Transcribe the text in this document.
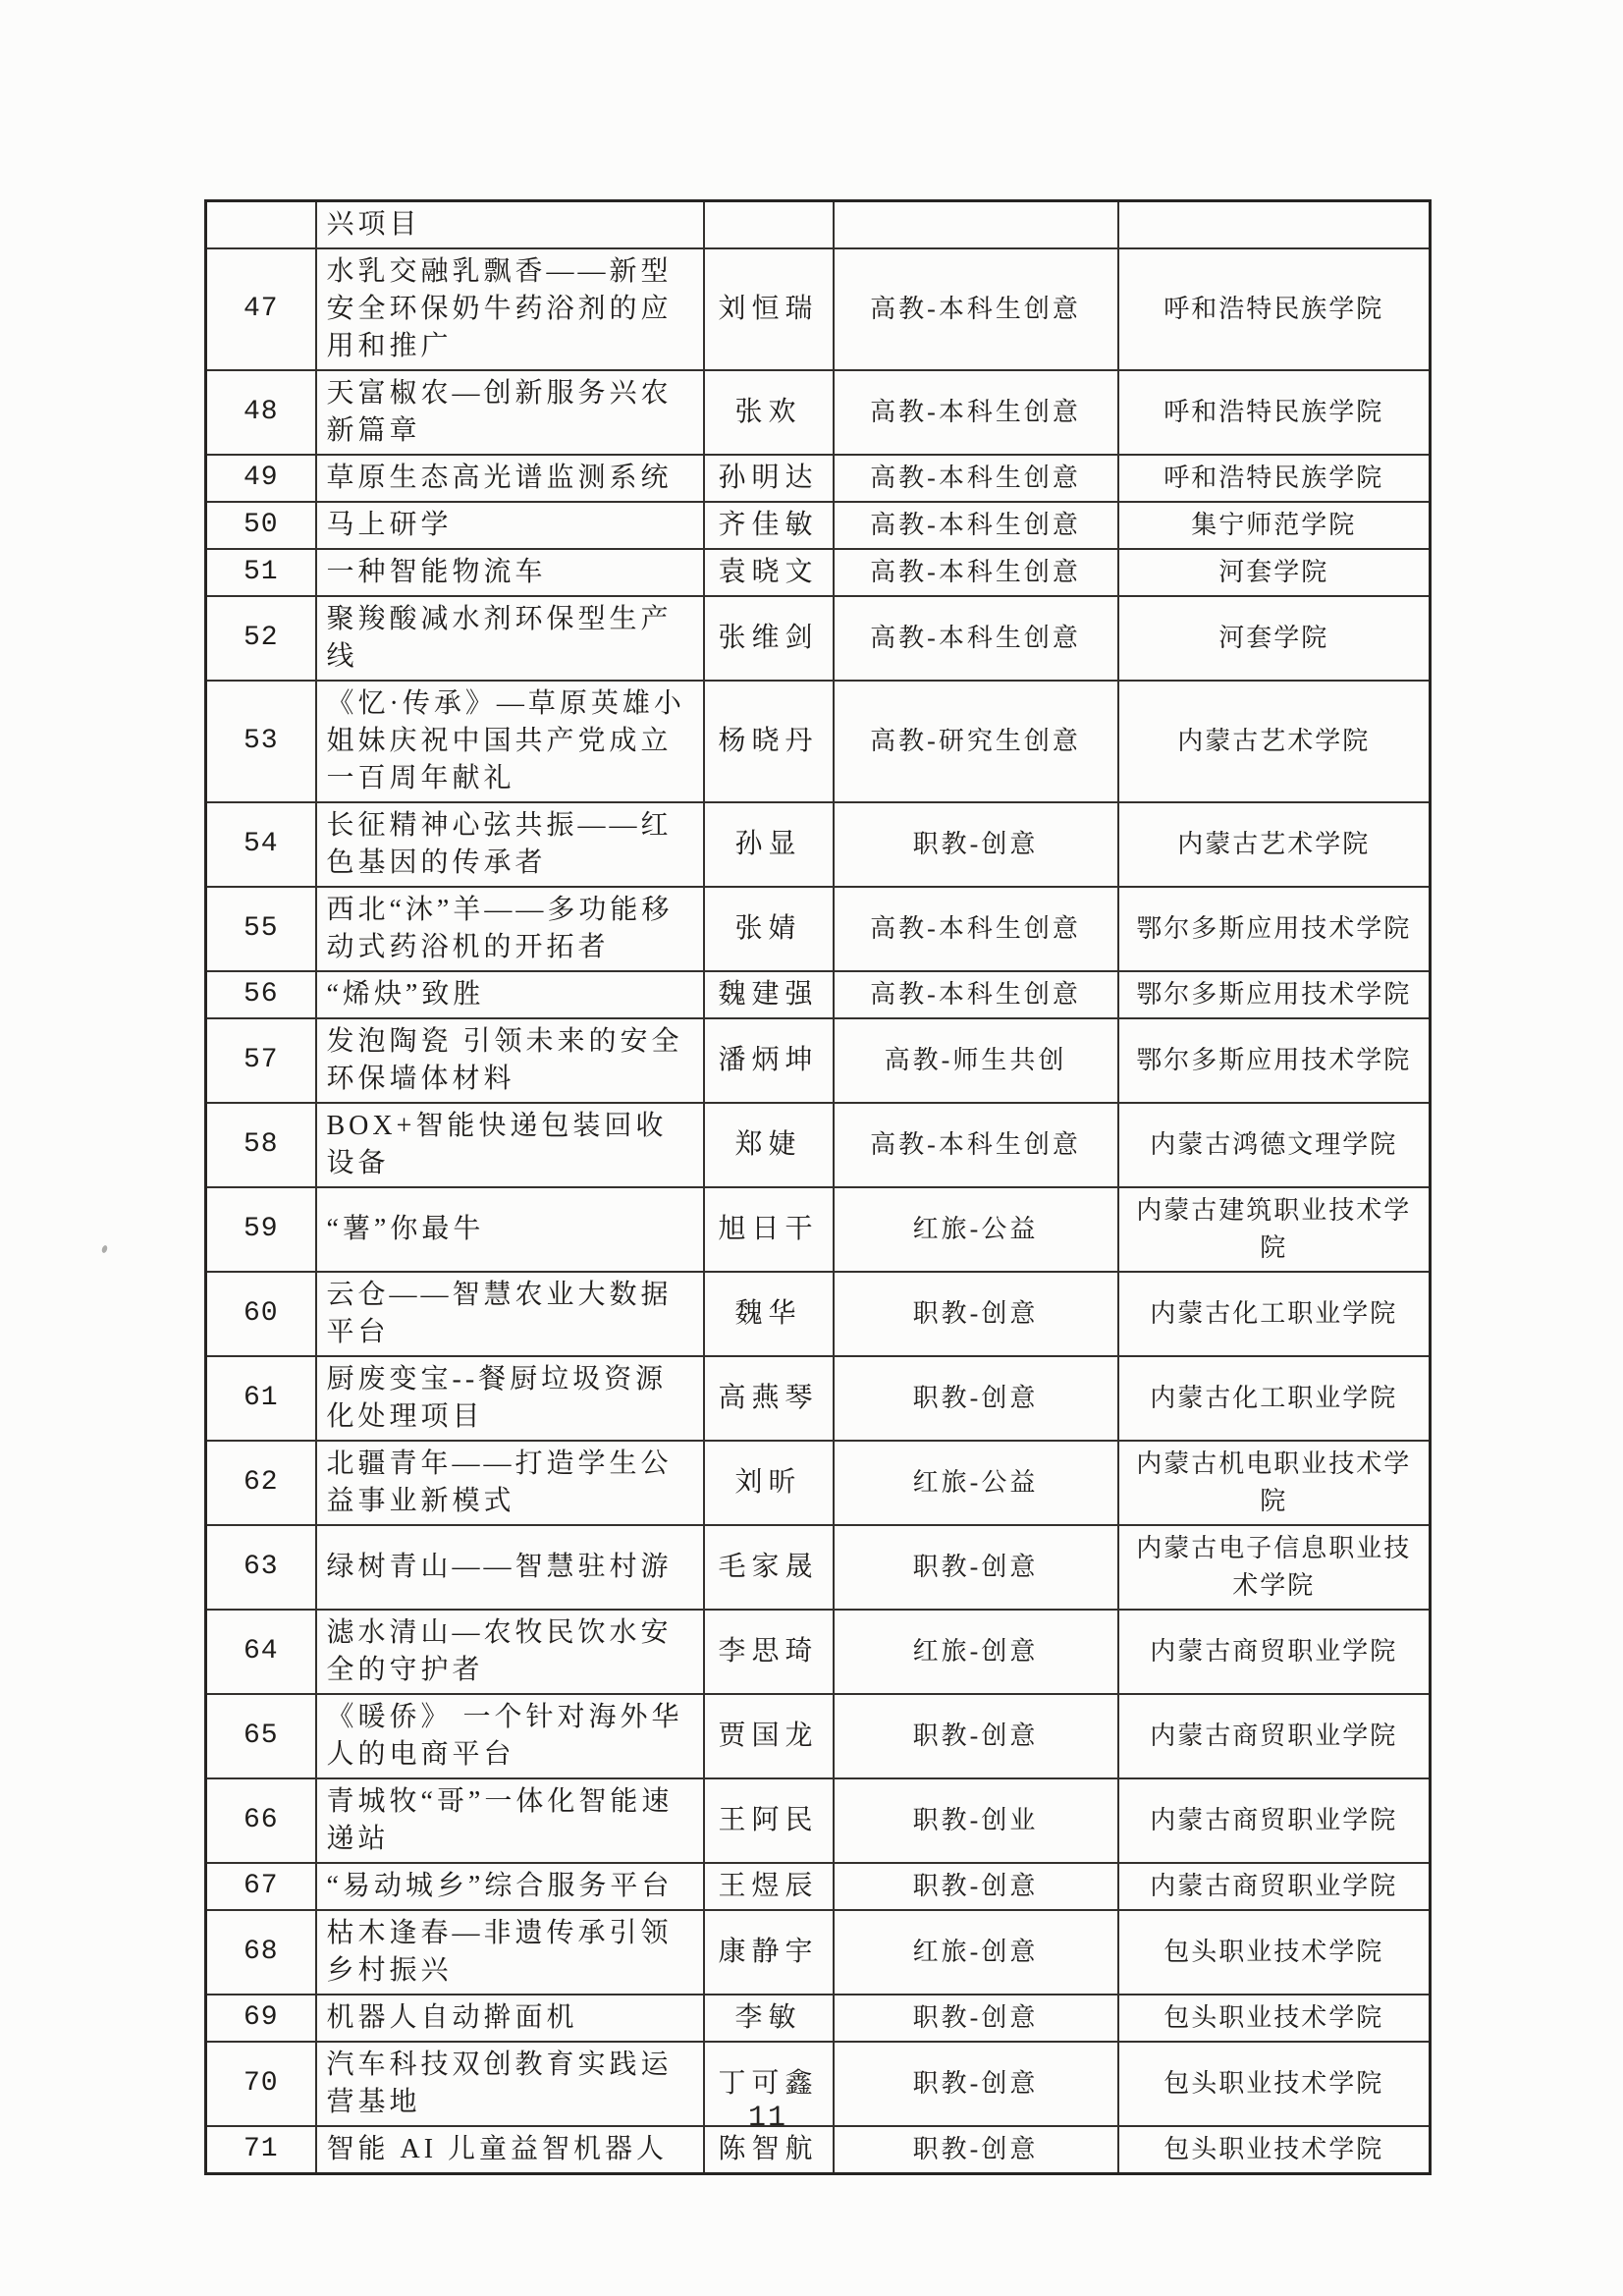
	兴项目			
47	水乳交融乳飘香——新型安全环保奶牛药浴剂的应用和推广	刘恒瑞	高教-本科生创意	呼和浩特民族学院
48	天富椒农—创新服务兴农新篇章	张欢	高教-本科生创意	呼和浩特民族学院
49	草原生态高光谱监测系统	孙明达	高教-本科生创意	呼和浩特民族学院
50	马上研学	齐佳敏	高教-本科生创意	集宁师范学院
51	一种智能物流车	袁晓文	高教-本科生创意	河套学院
52	聚羧酸减水剂环保型生产线	张维剑	高教-本科生创意	河套学院
53	《忆·传承》—草原英雄小姐妹庆祝中国共产党成立一百周年献礼	杨晓丹	高教-研究生创意	内蒙古艺术学院
54	长征精神心弦共振——红色基因的传承者	孙显	职教-创意	内蒙古艺术学院
55	西北“沐”羊——多功能移动式药浴机的开拓者	张婧	高教-本科生创意	鄂尔多斯应用技术学院
56	“烯炔”致胜	魏建强	高教-本科生创意	鄂尔多斯应用技术学院
57	发泡陶瓷 引领未来的安全环保墙体材料	潘炳坤	高教-师生共创	鄂尔多斯应用技术学院
58	BOX+智能快递包装回收设备	郑婕	高教-本科生创意	内蒙古鸿德文理学院
59	“薯”你最牛	旭日干	红旅-公益	内蒙古建筑职业技术学院
60	云仓——智慧农业大数据平台	魏华	职教-创意	内蒙古化工职业学院
61	厨废变宝--餐厨垃圾资源化处理项目	高燕琴	职教-创意	内蒙古化工职业学院
62	北疆青年——打造学生公益事业新模式	刘昕	红旅-公益	内蒙古机电职业技术学院
63	绿树青山——智慧驻村游	毛家晟	职教-创意	内蒙古电子信息职业技术学院
64	滤水清山—农牧民饮水安全的守护者	李思琦	红旅-创意	内蒙古商贸职业学院
65	《暖侨》 一个针对海外华人的电商平台	贾国龙	职教-创意	内蒙古商贸职业学院
66	青城牧“哥”一体化智能速递站	王阿民	职教-创业	内蒙古商贸职业学院
67	“易动城乡”综合服务平台	王煜辰	职教-创意	内蒙古商贸职业学院
68	枯木逢春—非遗传承引领乡村振兴	康静宇	红旅-创意	包头职业技术学院
69	机器人自动擀面机	李敏	职教-创意	包头职业技术学院
70	汽车科技双创教育实践运营基地	丁可鑫	职教-创意	包头职业技术学院
71	智能 AI 儿童益智机器人	陈智航	职教-创意	包头职业技术学院
11
